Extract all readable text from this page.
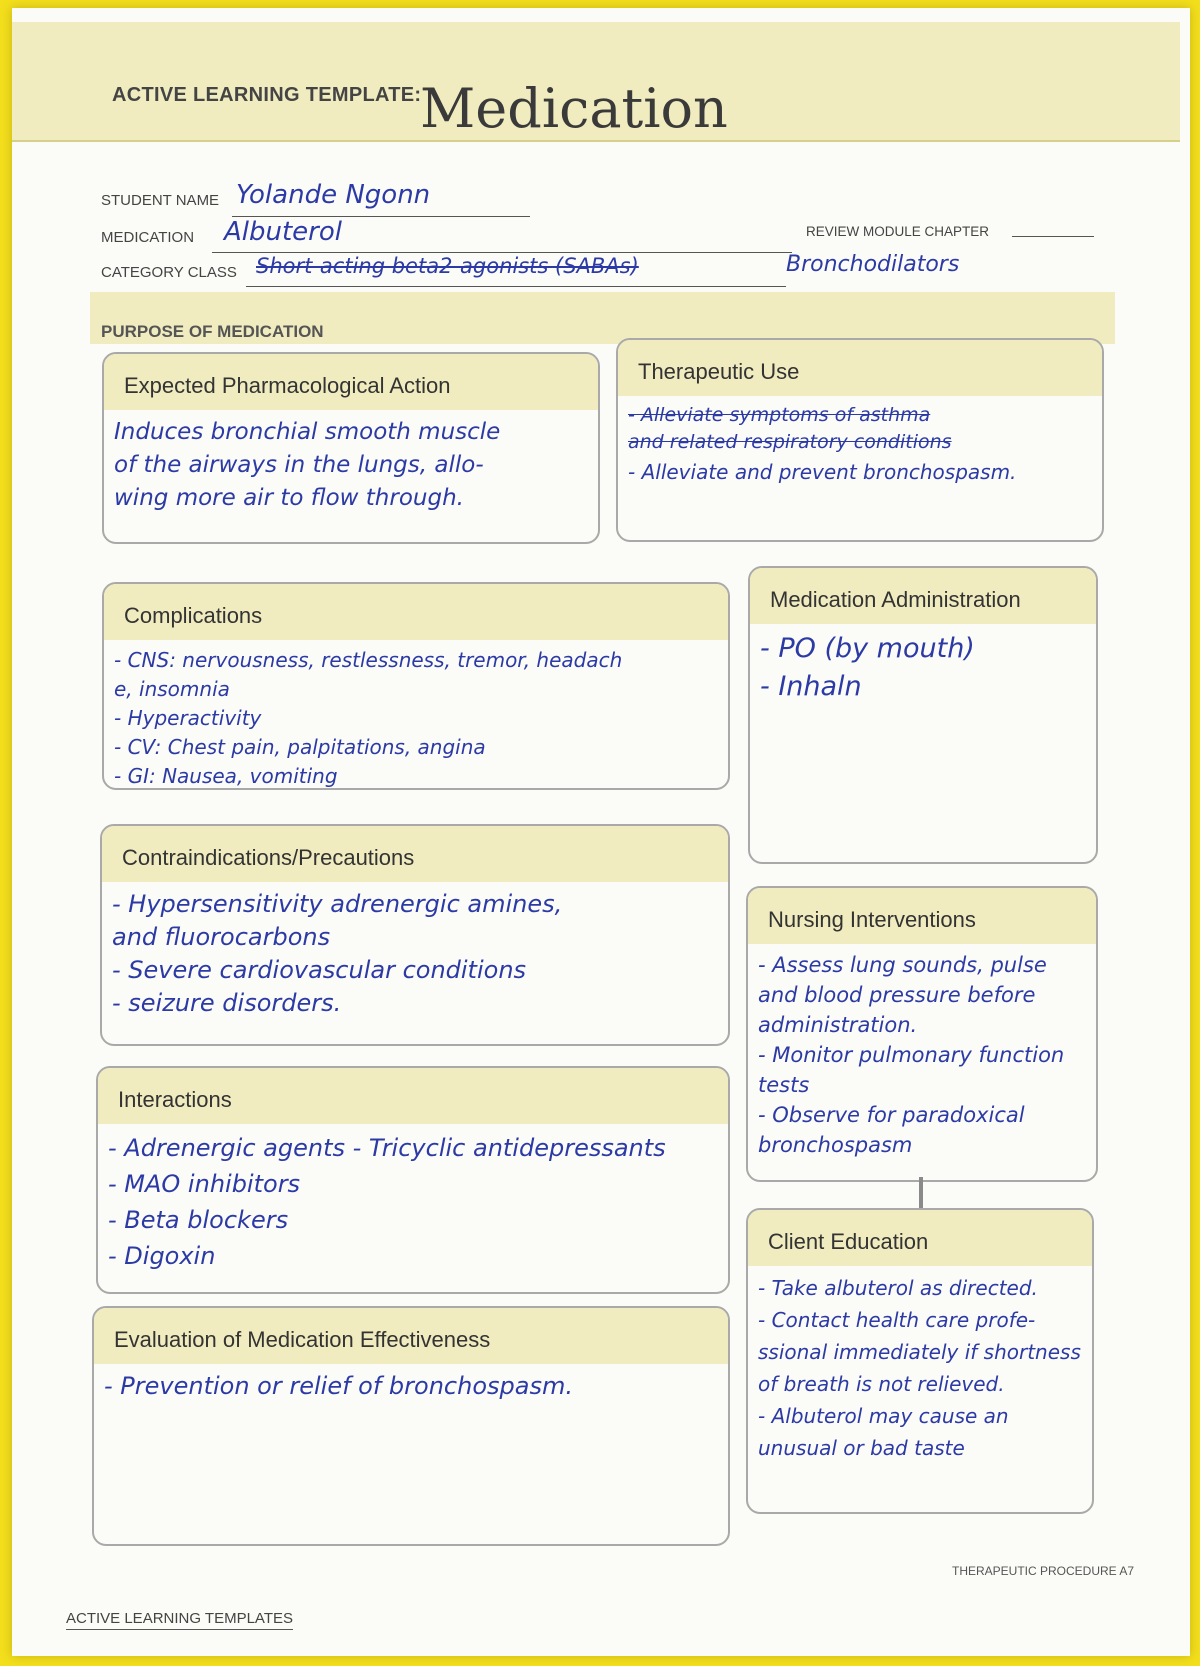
ACTIVE LEARNING TEMPLATE:
Medication
STUDENT NAME Yolande Ngonn
MEDICATION Albuterol	REVIEW MODULE CHAPTER
CATEGORY CLASS Short-acting beta2-agonists (SABAs)	Bronchodilators
PURPOSE OF MEDICATION
Expected Pharmacological Action
Induces bronchial smooth muscle
of the airways in the lungs, allo-
wing more air to flow through.
Therapeutic Use
- Alleviate symptoms of asthma
and related respiratory conditions
- Alleviate and prevent bronchospasm.
Complications
- CNS: nervousness, restlessness, tremor, headach
e, insomnia
- Hyperactivity
- CV: Chest pain, palpitations, angina
- GI: Nausea, vomiting
Medication Administration
- PO (by mouth)
- Inhaln
Contraindications/Precautions
- Hypersensitivity adrenergic amines,
and fluorocarbons
- Severe cardiovascular conditions
- seizure disorders.
Nursing Interventions
- Assess lung sounds, pulse
and blood pressure before
administration.
- Monitor pulmonary function
tests
- Observe for paradoxical
bronchospasm
Interactions
- Adrenergic agents - Tricyclic antidepressants
- MAO inhibitors
- Beta blockers
- Digoxin
Client Education
- Take albuterol as directed.
- Contact health care profe-
ssional immediately if shortness
of breath is not relieved.
- Albuterol may cause an
unusual or bad taste
Evaluation of Medication Effectiveness
- Prevention or relief of bronchospasm.
THERAPEUTIC PROCEDURE A7
ACTIVE LEARNING TEMPLATES
